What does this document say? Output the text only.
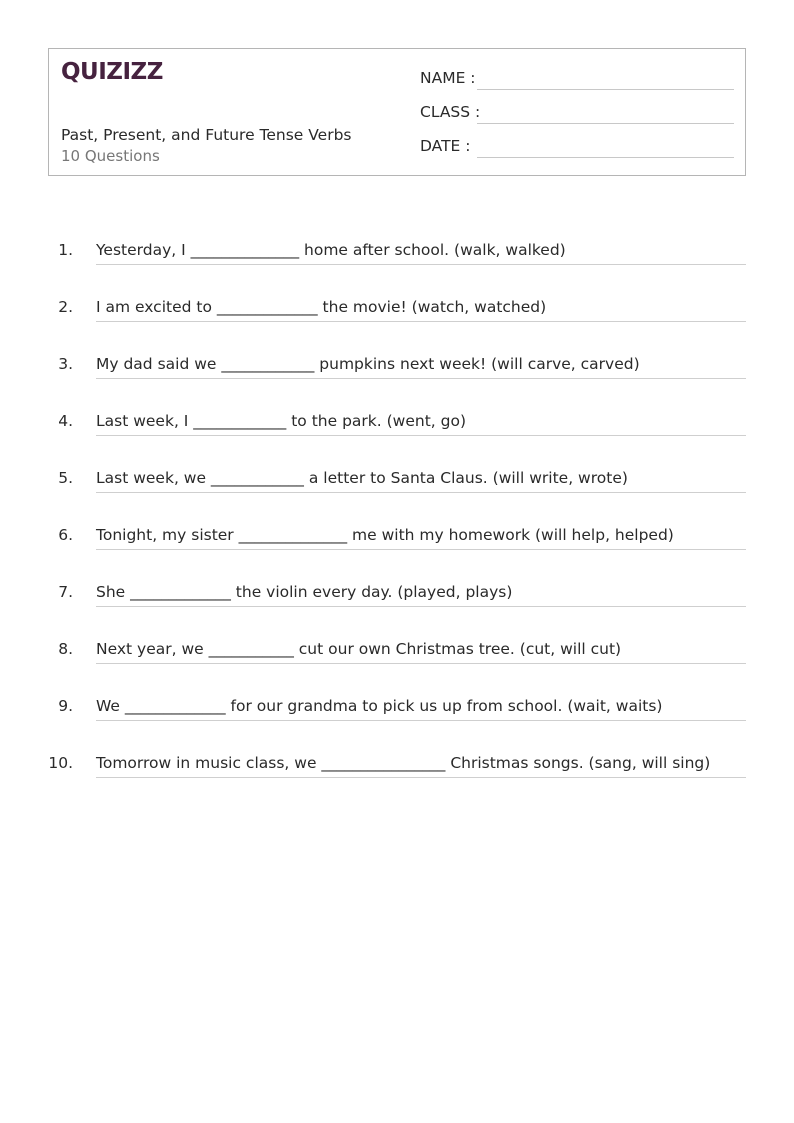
QUIZIZZ
Past, Present, and Future Tense Verbs
10 Questions
NAME :
CLASS :
DATE :
1. Yesterday, I ______________ home after school. (walk, walked)
2. I am excited to _____________ the movie! (watch, watched)
3. My dad said we ____________ pumpkins next week! (will carve, carved)
4. Last week, I ____________ to the park. (went, go)
5. Last week, we ____________ a letter to Santa Claus. (will write, wrote)
6. Tonight, my sister ______________ me with my homework (will help, helped)
7. She _____________ the violin every day. (played, plays)
8. Next year, we ___________ cut our own Christmas tree. (cut, will cut)
9. We _____________ for our grandma to pick us up from school. (wait, waits)
10. Tomorrow in music class, we ________________ Christmas songs. (sang, will sing)
